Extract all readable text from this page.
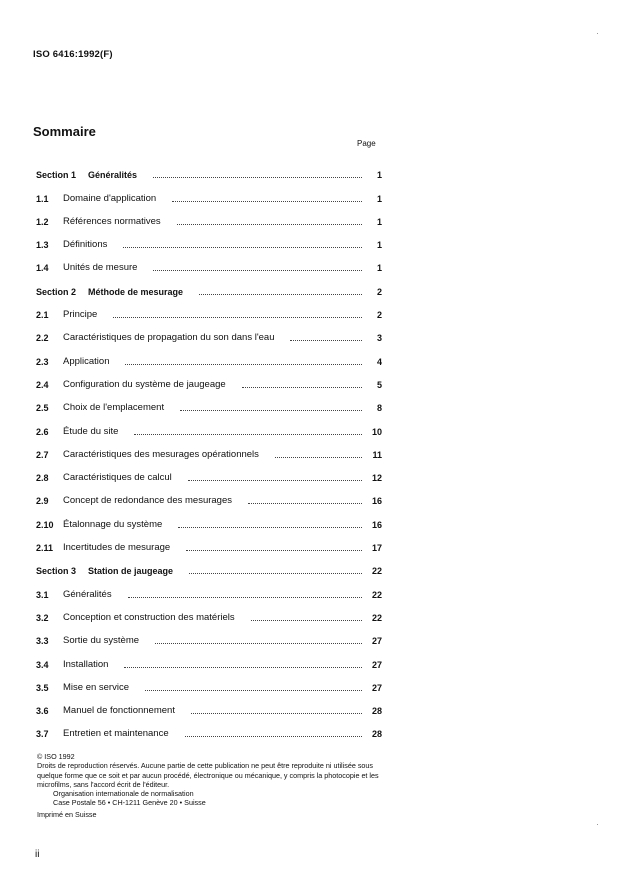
ISO 6416:1992(F)
Sommaire
Page
Section 1 Généralités	1
1.1	Domaine d'application	1
1.2	Références normatives	1
1.3	Définitions	1
1.4	Unités de mesure	1
Section 2 Méthode de mesurage	2
2.1	Principe	2
2.2	Caractéristiques de propagation du son dans l'eau	3
2.3	Application	4
2.4	Configuration du système de jaugeage	5
2.5	Choix de l'emplacement	8
2.6	Étude du site	10
2.7	Caractéristiques des mesurages opérationnels	11
2.8	Caractéristiques de calcul	12
2.9	Concept de redondance des mesurages	16
2.10 Étalonnage du système	16
2.11	Incertitudes de mesurage	17
Section 3 Station de jaugeage	22
3.1	Généralités	22
3.2	Conception et construction des matériels	22
3.3	Sortie du système	27
3.4	Installation	27
3.5	Mise en service	27
3.6	Manuel de fonctionnement	28
3.7	Entretien et maintenance	28

© ISO 1992

Droits de reproduction réservés. Aucune partie de cette publication ne peut être reproduite ni utilisée sous quelque forme que ce soit et par aucun procédé, électronique ou mécanique, y compris la photocopie et les microfilms, sans l'accord écrit de l'éditeur.

Organisation internationale de normalisation

Case Postale 56 • CH-1211 Genève 20 • Suisse

Imprimé en Suisse
ii
